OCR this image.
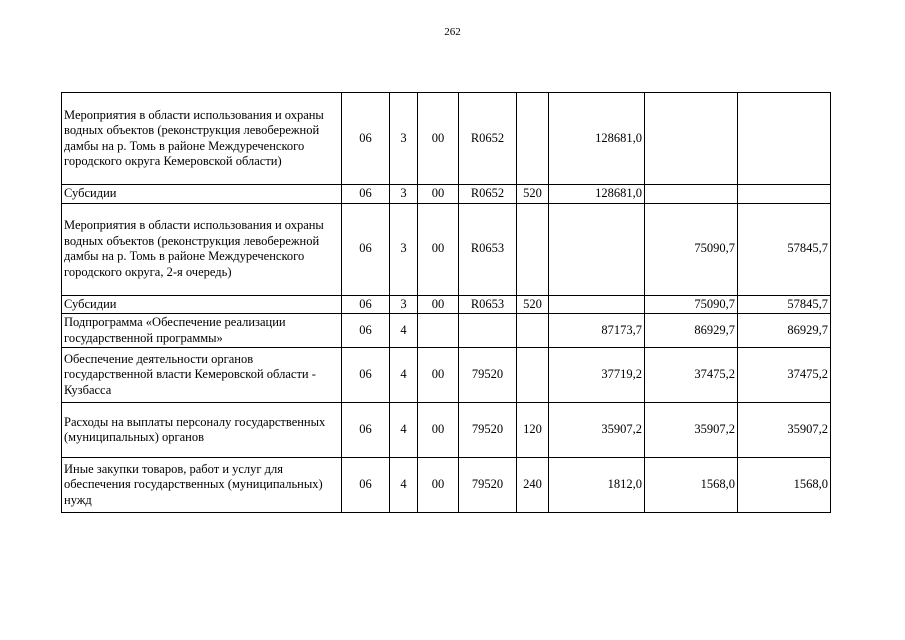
262
Мероприятия в области использования и охраны водных объектов (реконструкция левобережной дамбы на р. Томь в районе Междуреченского городского округа Кемеровской области)	06	3	00	R0652		128681,0		
Субсидии	06	3	00	R0652	520	128681,0		
Мероприятия в области использования и охраны водных объектов (реконструкция левобережной дамбы на р. Томь в районе Междуреченского городского округа, 2-я очередь)	06	3	00	R0653			75090,7	57845,7
Субсидии	06	3	00	R0653	520		75090,7	57845,7
Подпрограмма «Обеспечение реализации государственной программы»	06	4				87173,7	86929,7	86929,7
Обеспечение деятельности органов государственной власти Кемеровской области - Кузбасса	06	4	00	79520		37719,2	37475,2	37475,2
Расходы на выплаты персоналу государственных (муниципальных) органов	06	4	00	79520	120	35907,2	35907,2	35907,2
Иные закупки товаров, работ и услуг для обеспечения государственных (муниципальных) нужд	06	4	00	79520	240	1812,0	1568,0	1568,0
